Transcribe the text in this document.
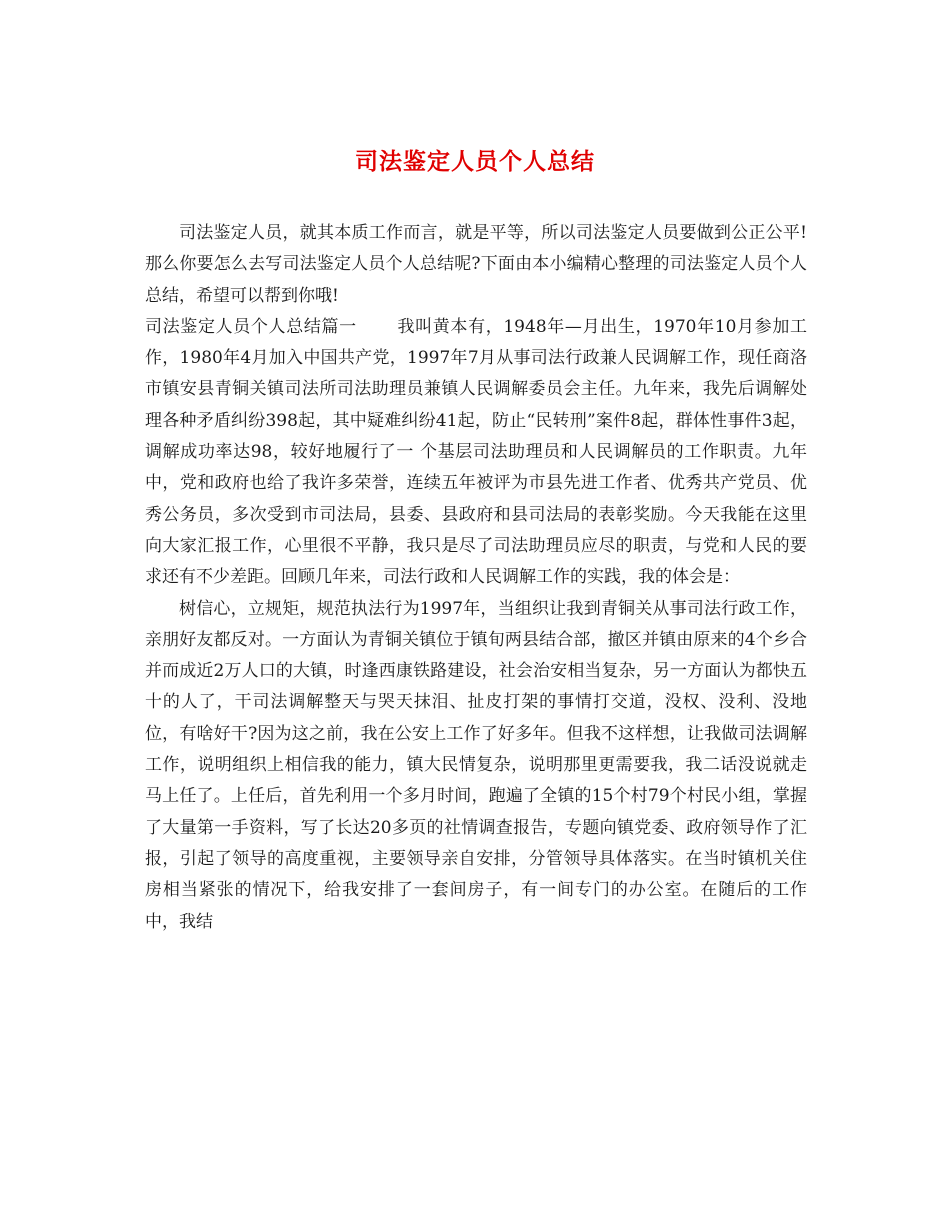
司法鉴定人员个人总结

司法鉴定人员，就其本质工作而言，就是平等，所以司法鉴定人员要做到公正公平!那么你要怎么去写司法鉴定人员个人总结呢?下面由本小编精心整理的司法鉴定人员个人总结，希望可以帮到你哦!

司法鉴定人员个人总结篇一 我叫黄本有，1948年—月出生，1970年10月参加工作，1980年4月加入中国共产党，1997年7月从事司法行政兼人民调解工作，现任商洛市镇安县青铜关镇司法所司法助理员兼镇人民调解委员会主任。九年来，我先后调解处理各种矛盾纠纷398起，其中疑难纠纷41起，防止“民转刑”案件8起，群体性事件3起，调解成功率达98，较好地履行了一 个基层司法助理员和人民调解员的工作职责。九年中，党和政府也给了我许多荣誉，连续五年被评为市县先进工作者、优秀共产党员、优秀公务员，多次受到市司法局，县委、县政府和县司法局的表彰奖励。今天我能在这里向大家汇报工作，心里很不平静，我只是尽了司法助理员应尽的职责，与党和人民的要求还有不少差距。回顾几年来，司法行政和人民调解工作的实践，我的体会是：

树信心，立规矩，规范执法行为1997年，当组织让我到青铜关从事司法行政工作，亲朋好友都反对。一方面认为青铜关镇位于镇旬两县结合部，撤区并镇由原来的4个乡合并而成近2万人口的大镇，时逢西康铁路建设，社会治安相当复杂，另一方面认为都快五十的人了，干司法调解整天与哭天抹泪、扯皮打架的事情打交道，没权、没利、没地位，有啥好干?因为这之前，我在公安上工作了好多年。但我不这样想，让我做司法调解工作，说明组织上相信我的能力，镇大民情复杂，说明那里更需要我，我二话没说就走马上任了。上任后，首先利用一个多月时间，跑遍了全镇的15个村79个村民小组，掌握了大量第一手资料，写了长达20多页的社情调查报告，专题向镇党委、政府领导作了汇报，引起了领导的高度重视，主要领导亲自安排，分管领导具体落实。在当时镇机关住房相当紧张的情况下，给我安排了一套间房子，有一间专门的办公室。在随后的工作中，我结
